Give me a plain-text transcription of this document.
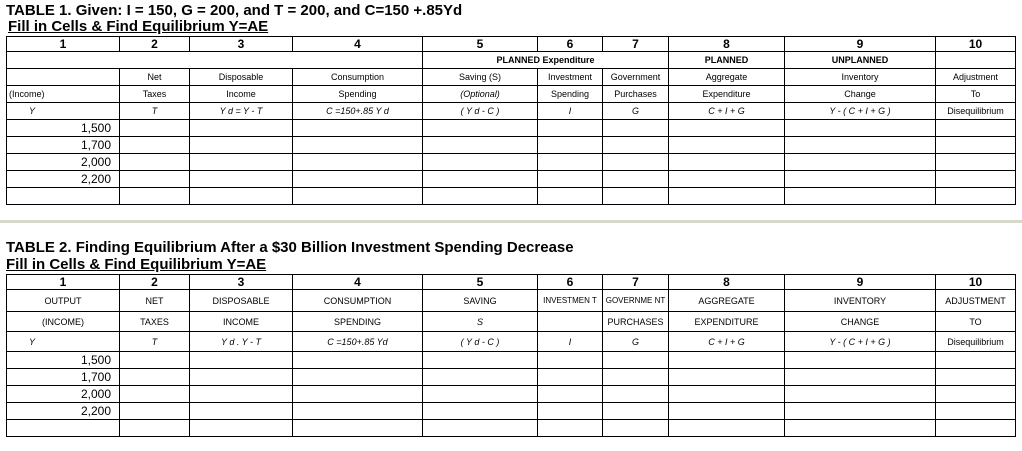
TABLE 1. Given: I = 150, G = 200, and T = 200, and C=150 +.85Yd
Fill in Cells & Find Equilibrium Y=AE
1	2	3	4	5	6	7	8	9	10
				PLANNED Expenditure			PLANNED	UNPLANNED	
	Net	Disposable	Consumption	Saving (S)	Investment	Government	Aggregate	Inventory	Adjustment
(Income)	Taxes	Income	Spending	(Optional)	Spending	Purchases	Expenditure	Change	To
Y	T	Y d = Y - T	C =150+.85 Y d	( Y d - C )	I	G	C + I + G	Y - ( C + I + G )	Disequilibrium
1,500									
1,700									
2,000									
2,200									

TABLE 2. Finding Equilibrium After a $30 Billion Investment Spending Decrease
Fill in Cells & Find Equilibrium Y=AE
1	2	3	4	5	6	7	8	9	10
OUTPUT	NET	DISPOSABLE	CONSUMPTION	SAVING	INVESTMEN T	GOVERNME NT	AGGREGATE	INVENTORY	ADJUSTMENT
(INCOME)	TAXES	INCOME	SPENDING	S		PURCHASES	EXPENDITURE	CHANGE	TO
Y	T	Y d . Y - T	C =150+.85 Yd	( Y d - C )	I	G	C + I + G	Y - ( C + I + G )	Disequilibrium
1,500									
1,700									
2,000									
2,200									
